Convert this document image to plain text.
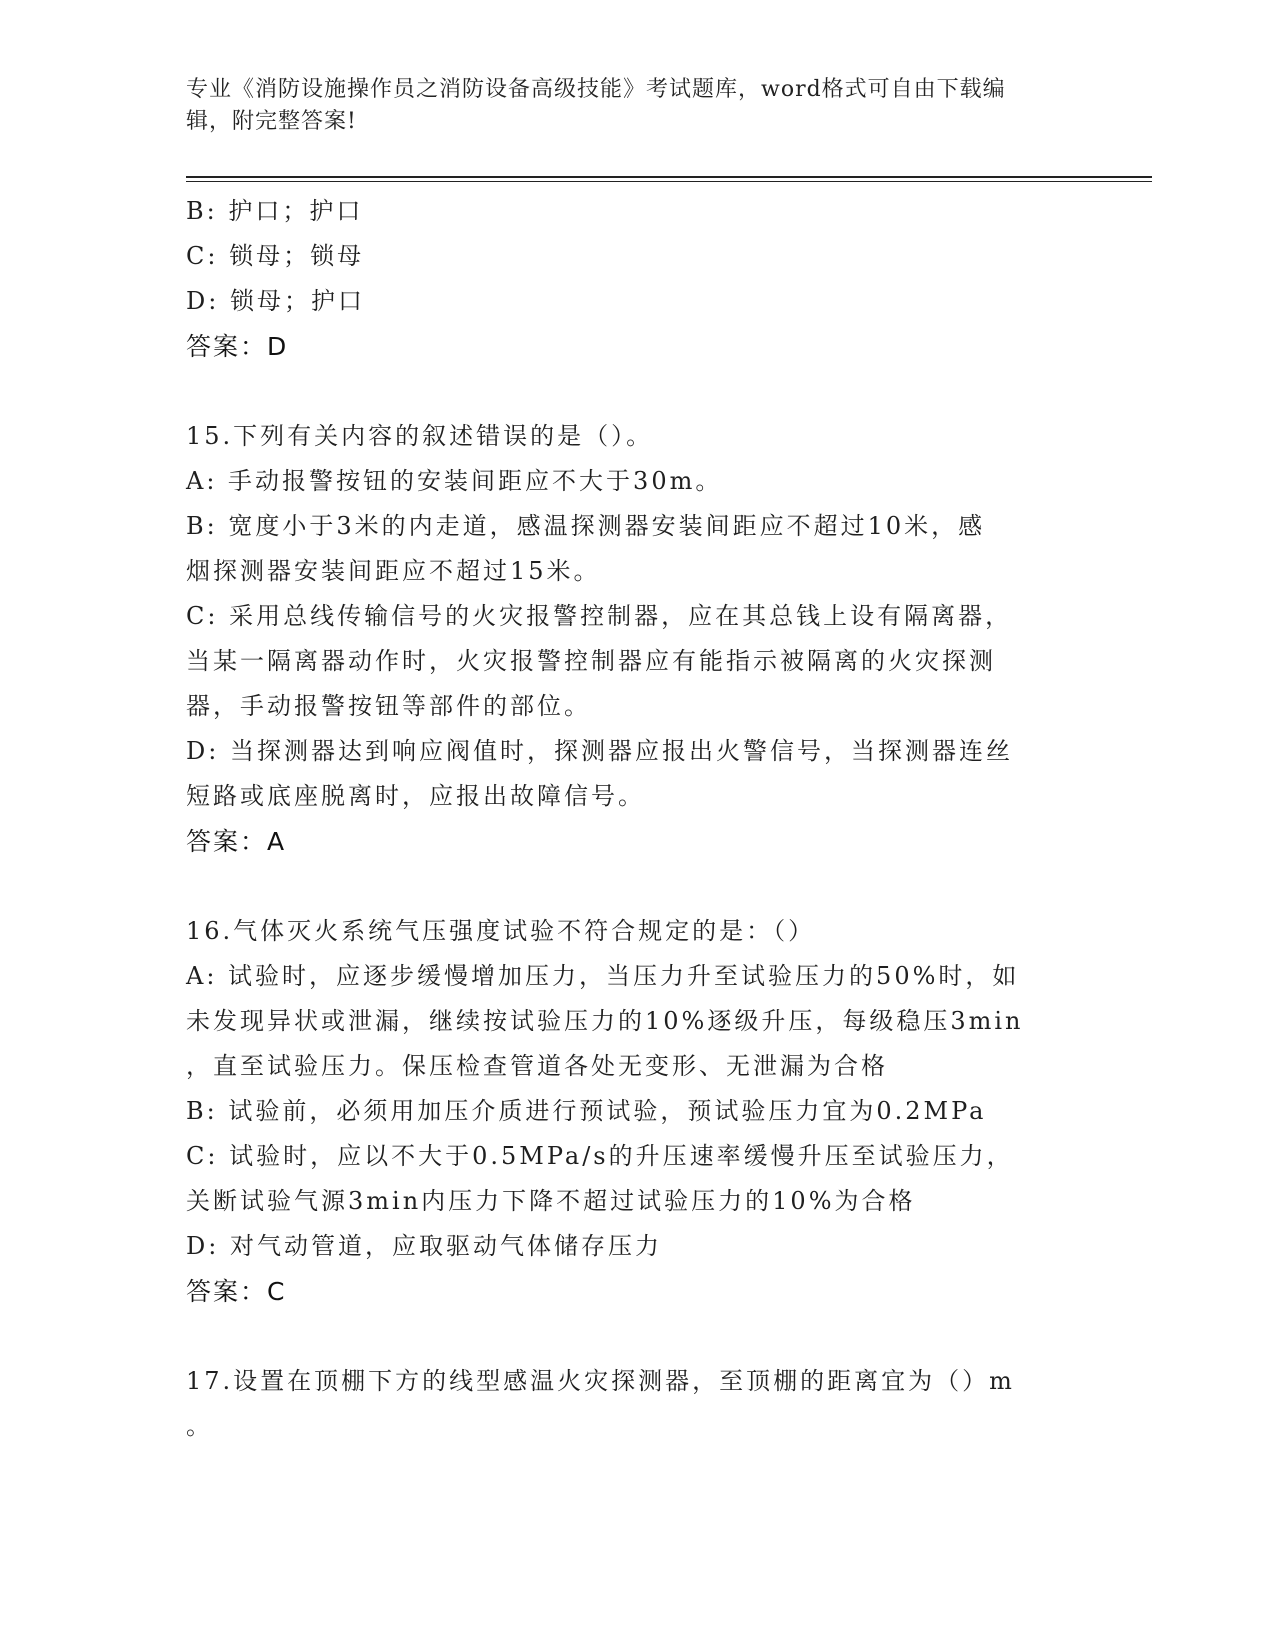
专业《消防设施操作员之消防设备高级技能》考试题库，word格式可自由下载编
辑，附完整答案!
B: 护口；护口
C: 锁母；锁母
D: 锁母；护口
答案：D
15.下列有关内容的叙述错误的是（）。
A: 手动报警按钮的安装间距应不大于30m。
B: 宽度小于3米的内走道，感温探测器安装间距应不超过10米，感
烟探测器安装间距应不超过15米。
C: 采用总线传输信号的火灾报警控制器，应在其总钱上设有隔离器，
当某一隔离器动作时，火灾报警控制器应有能指示被隔离的火灾探测
器，手动报警按钮等部件的部位。
D: 当探测器达到响应阀值时，探测器应报出火警信号，当探测器连丝
短路或底座脱离时，应报出故障信号。
答案：A
16.气体灭火系统气压强度试验不符合规定的是：（）
A: 试验时，应逐步缓慢增加压力，当压力升至试验压力的50%时，如
未发现异状或泄漏，继续按试验压力的10%逐级升压，每级稳压3min
，直至试验压力。保压检查管道各处无变形、无泄漏为合格
B: 试验前，必须用加压介质进行预试验，预试验压力宜为0.2MPa
C: 试验时，应以不大于0.5MPa/s的升压速率缓慢升压至试验压力，
关断试验气源3min内压力下降不超过试验压力的10%为合格
D: 对气动管道，应取驱动气体储存压力
答案：C
17.设置在顶棚下方的线型感温火灾探测器，至顶棚的距离宜为（）m
。
